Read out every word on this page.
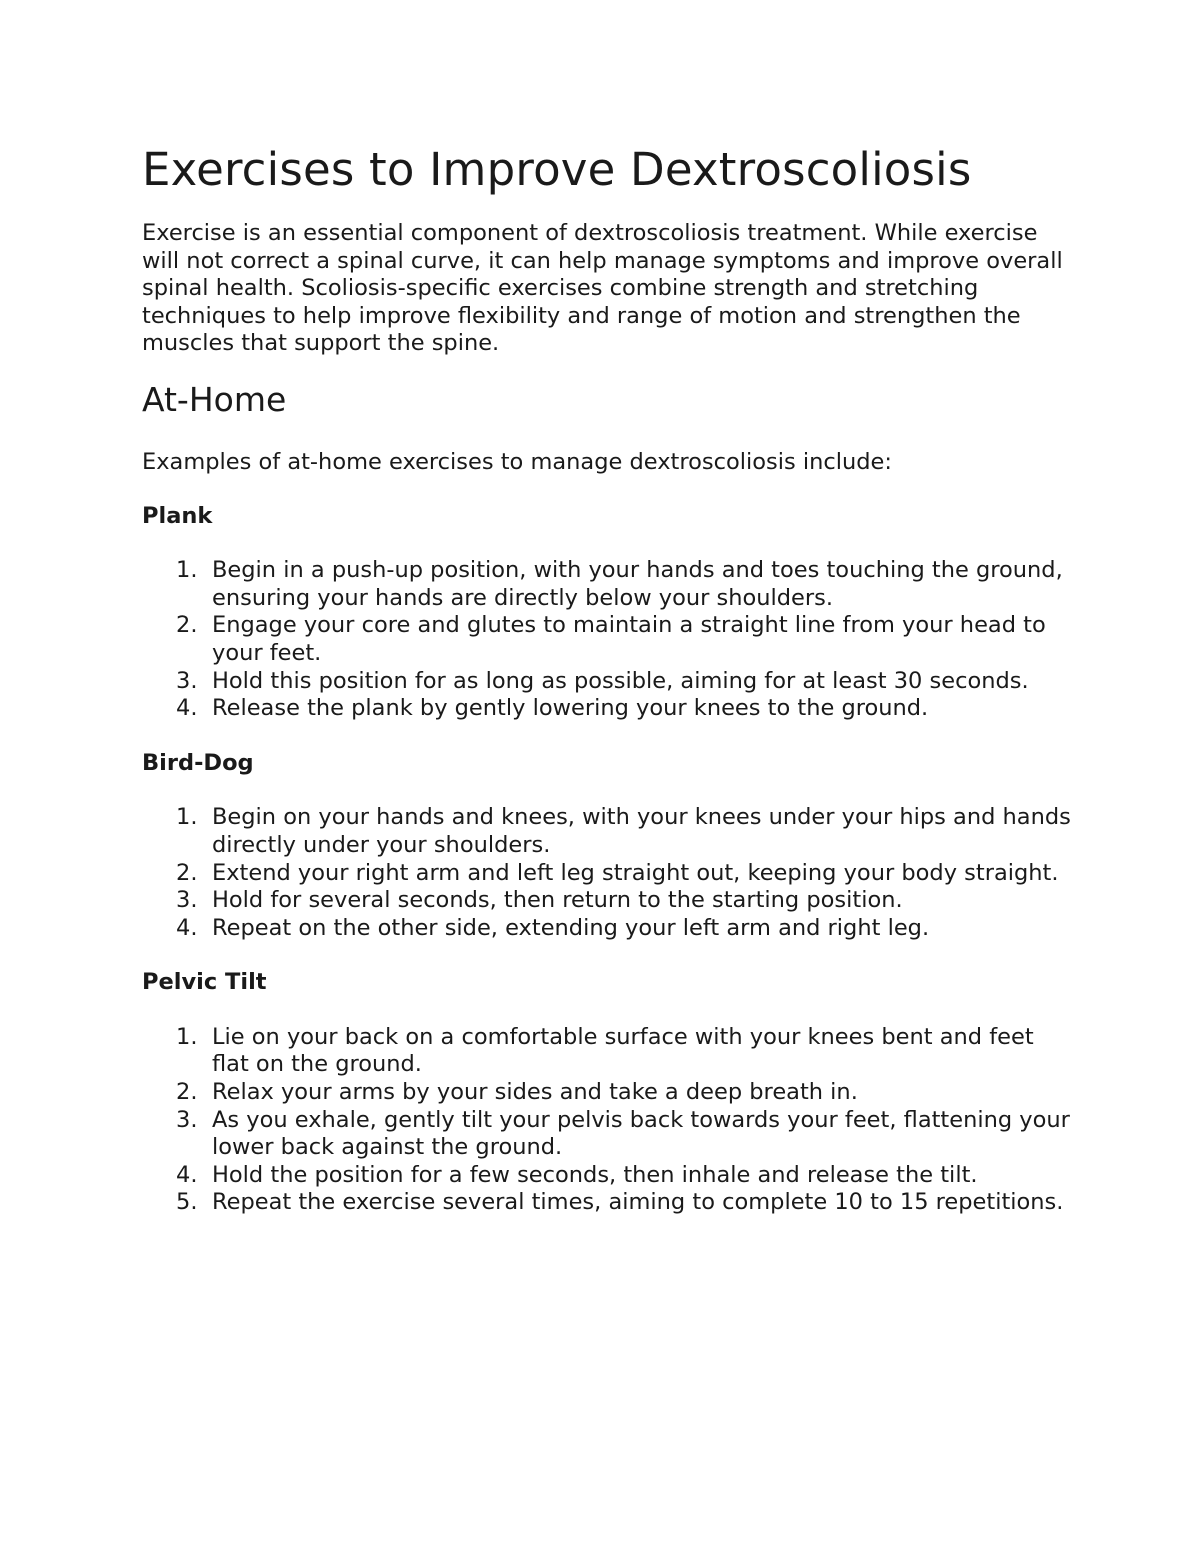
Exercises to Improve Dextroscoliosis

Exercise is an essential component of dextroscoliosis treatment. While exercise will not correct a spinal curve, it can help manage symptoms and improve overall spinal health. Scoliosis-specific exercises combine strength and stretching techniques to help improve flexibility and range of motion and strengthen the muscles that support the spine.

At-Home

Examples of at-home exercises to manage dextroscoliosis include:

Plank
1. Begin in a push-up position, with your hands and toes touching the ground, ensuring your hands are directly below your shoulders.
2. Engage your core and glutes to maintain a straight line from your head to your feet.
3. Hold this position for as long as possible, aiming for at least 30 seconds.
4. Release the plank by gently lowering your knees to the ground.
Bird-Dog
1. Begin on your hands and knees, with your knees under your hips and hands directly under your shoulders.
2. Extend your right arm and left leg straight out, keeping your body straight.
3. Hold for several seconds, then return to the starting position.
4. Repeat on the other side, extending your left arm and right leg.
Pelvic Tilt
1. Lie on your back on a comfortable surface with your knees bent and feet flat on the ground.
2. Relax your arms by your sides and take a deep breath in.
3. As you exhale, gently tilt your pelvis back towards your feet, flattening your lower back against the ground.
4. Hold the position for a few seconds, then inhale and release the tilt.
5. Repeat the exercise several times, aiming to complete 10 to 15 repetitions.
